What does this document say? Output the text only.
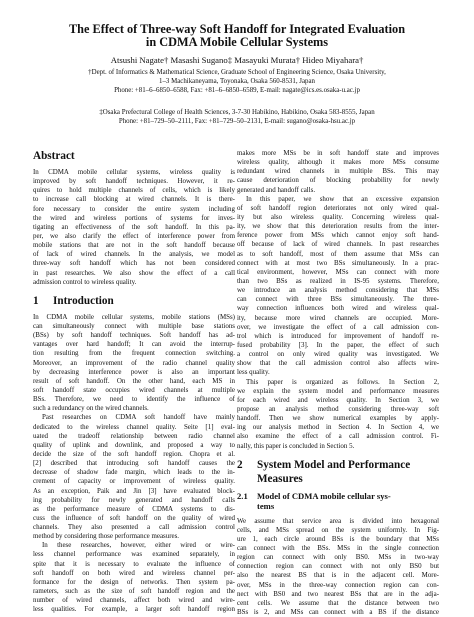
The Effect of Three-way Soft Handoff for Integrated Evaluation
in CDMA Mobile Cellular Systems
Atsushi Nagate† Masashi Sugano‡ Masayuki Murata† Hideo Miyahara†
†Dept. of Informatics & Mathematical Science, Graduate School of Engineering Science, Osaka University,
1–3 Machikaneyama, Toyonaka, Osaka 560-8531, Japan
Phone: +81–6–6850–6588, Fax: +81–6–6850–6589, E-mail: nagate@ics.es.osaka-u.ac.jp
‡Osaka Prefectural College of Health Sciences, 3-7-30 Habikino, Habikino, Osaka 583-8555, Japan
Phone: +81–729–50–2111, Fax: +81–729–50–2131, E-mail: sugano@osaka-hsu.ac.jp
Abstract
In CDMA mobile cellular systems, wireless quality is
improved by soft handoff techniques. However, it re-
quires to hold multiple channels of cells, which is likely
to increase call blocking at wired channels. It is there-
fore necessary to consider the entire system including
the wired and wireless portions of systems for inves-
tigating an effectiveness of the soft handoff. In this pa-
per, we also clarify the effect of interference power from
mobile stations that are not in the soft handoff because
of lack of wired channels. In the analysis, we model
three-way soft handoff which has not been considered
in past researches. We also show the effect of a call
admission control to wireless quality.
1 Introduction
In CDMA mobile cellular systems, mobile stations (MSs)
can simultaneously connect with multiple base stations
(BSs) by soft handoff techniques. Soft handoff has ad-
vantages over hard handoff; It can avoid the interrup-
tion resulting from the frequent connection switching.
Moreover, an improvement of the radio channel quality
by decreasing interference power is also an important
result of soft handoff. On the other hand, each MS in
soft handoff state occupies wired channels at multiple
BSs. Therefore, we need to identify the influence of
such a redundancy on the wired channels.
Past researches on CDMA soft handoff have mainly
dedicated to the wireless channel quality. Seite [1] eval-
uated the tradeoff relationship between radio channel
quality of uplink and downlink, and proposed a way to
decide the size of the soft handoff region. Chopra et al.
[2] described that introducing soft handoff causes the
decrease of shadow fade margin, which leads to the in-
crement of capacity or improvement of wireless quality.
As an exception, Paik and Jin [3] have evaluated block-
ing probability for newly generated and handoff calls
as the performance measure of CDMA systems to dis-
cuss the influence of soft handoff on the quality of wired
channels. They also presented a call admission control
method by considering those performance measures.
In these researches, however, either wired or wire-
less channel performance was examined separately, in
spite that it is necessary to evaluate the influence of
soft handoff on both wired and wireless channel per-
formance for the design of networks. Then system pa-
rameters, such as the size of soft handoff region and the
number of wired channels, affect both wired and wire-
less qualities. For example, a larger soft handoff region
makes more MSs be in soft handoff state and improves
wireless quality, although it makes more MSs consume
redundant wired channels in multiple BSs. This may
cause deterioration of blocking probability for newly
generated and handoff calls.
In this paper, we show that an excessive expansion
of soft handoff region deteriorates not only wired qual-
ity but also wireless quality. Concerning wireless qual-
ity, we show that this deterioration results from the inter-
ference power from MSs which cannot enjoy soft hand-
off because of lack of wired channels. In past researches
as to soft handoff, most of them assume that MSs can
connect with at most two BSs simultaneously. In a prac-
tical environment, however, MSs can connect with more
than two BSs as realized in IS-95 systems. Therefore,
we introduce an analysis method considering that MSs
can connect with three BSs simultaneously. The three-
way connection influences both wired and wireless qual-
ity, because more wired channels are occupied. More-
over, we investigate the effect of a call admission con-
trol which is introduced for improvement of handoff re-
fused probability [3]. In the paper, the effect of such
a control on only wired quality was investigated. We
show that the call admission control also affects wire-
less quality.
This paper is organized as follows. In Section 2,
we explain the system model and performance measures
for each wired and wireless quality. In Section 3, we
propose an analysis method considering three-way soft
handoff. Then we show numerical examples by apply-
ing our analysis method in Section 4. In Section 4, we
also examine the effect of a call admission control. Fi-
nally, this paper is concluded in Section 5.
2 System Model and Performance
Measures
2.1 Model of CDMA mobile cellular sys-
tems
We assume that service area is divided into hexagonal
cells, and MSs spread on the system uniformly. In Fig-
ure 1, each circle around BSs is the boundary that MSs
can connect with the BSs. MSs in the single connection
region can connect with only BS0. MSs in two-way
connection region can connect with not only BS0 but
also the nearest BS that is in the adjacent cell. More-
over, MSs in the three-way connection region can con-
nect with BS0 and two nearest BSs that are in the adja-
cent cells. We assume that the distance between two
BSs is 2, and MSs can connect with a BS if the distance
